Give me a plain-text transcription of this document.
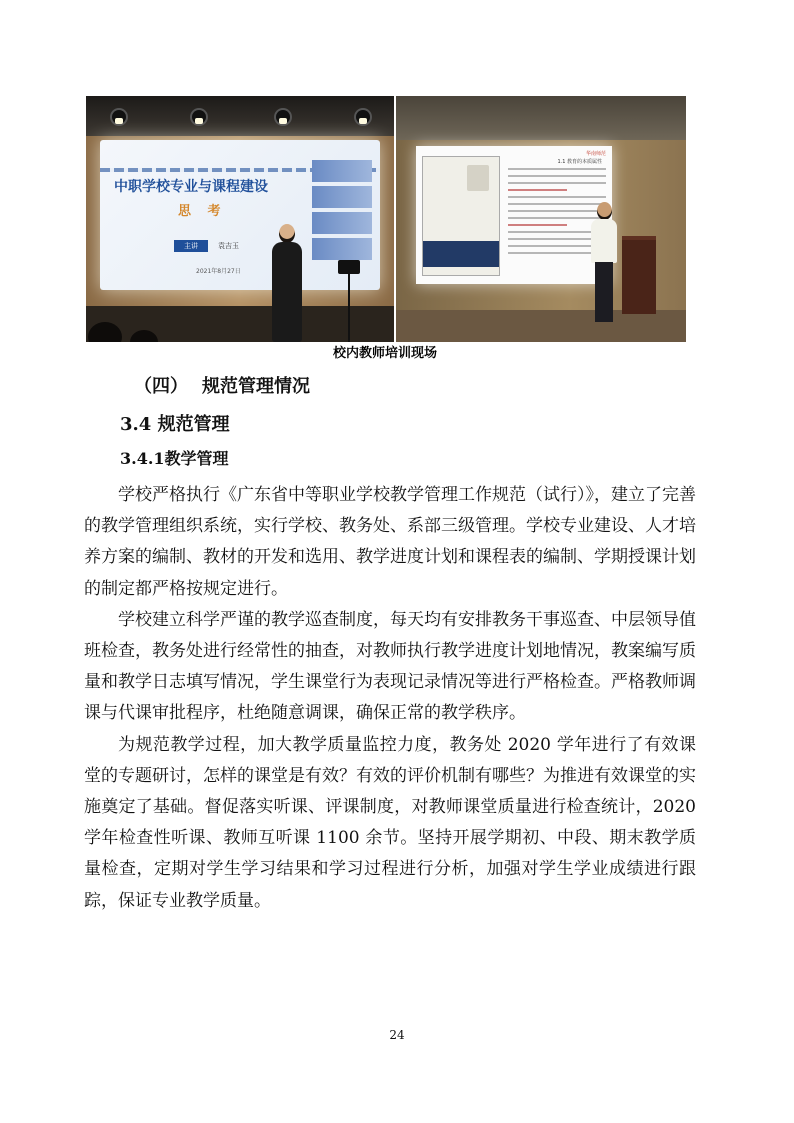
中职学校专业与课程建设
思 考
主讲	袁吉玉
2021年8月27日
华南师范
1.1 教育的本质属性
校内教师培训现场
（四） 规范管理情况
3.4 规范管理
3.4.1教学管理

学校严格执行《广东省中等职业学校教学管理工作规范（试行）》，建立了完善的教学管理组织系统，实行学校、教务处、系部三级管理。学校专业建设、人才培养方案的编制、教材的开发和选用、教学进度计划和课程表的编制、学期授课计划的制定都严格按规定进行。

学校建立科学严谨的教学巡查制度，每天均有安排教务干事巡查、中层领导值班检查，教务处进行经常性的抽查，对教师执行教学进度计划地情况，教案编写质量和教学日志填写情况，学生课堂行为表现记录情况等进行严格检查。严格教师调课与代课审批程序，杜绝随意调课，确保正常的教学秩序。

为规范教学过程，加大教学质量监控力度，教务处 2020 学年进行了有效课堂的专题研讨，怎样的课堂是有效？有效的评价机制有哪些？为推进有效课堂的实施奠定了基础。督促落实听课、评课制度，对教师课堂质量进行检查统计，2020 学年检查性听课、教师互听课 1100 余节。坚持开展学期初、中段、期末教学质量检查，定期对学生学习结果和学习过程进行分析，加强对学生学业成绩进行跟踪，保证专业教学质量。

24
